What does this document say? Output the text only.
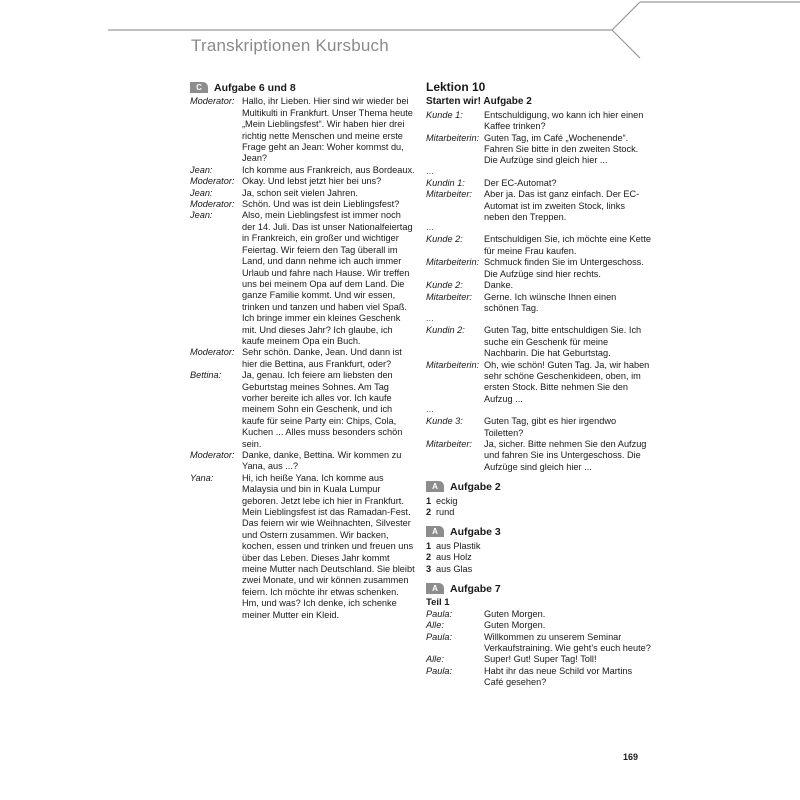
Transkriptionen Kursbuch
C Aufgabe 6 und 8
Moderator: Hallo, ihr Lieben. Hier sind wir wieder bei Multikulti in Frankfurt. Unser Thema heute „Mein Lieblingsfest“. Wir haben hier drei richtig nette Menschen und meine erste Frage geht an Jean: Woher kommst du, Jean?
Jean:	Ich komme aus Frankreich, aus Bordeaux.
Moderator: Okay. Und lebst jetzt hier bei uns?
Jean:	Ja, schon seit vielen Jahren.
Moderator: Schön. Und was ist dein Lieblingsfest?
Jean:	Also, mein Lieblingsfest ist immer noch der 14. Juli. Das ist unser Nationalfeiertag in Frankreich, ein großer und wichtiger Feiertag. Wir feiern den Tag überall im Land, und dann nehme ich auch immer Urlaub und fahre nach Hause. Wir treffen uns bei meinem Opa auf dem Land. Die ganze Familie kommt. Und wir essen, trinken und tanzen und haben viel Spaß. Ich bringe immer ein kleines Geschenk mit. Und dieses Jahr? Ich glaube, ich kaufe meinem Opa ein Buch.
Moderator: Sehr schön. Danke, Jean. Und dann ist hier die Bettina, aus Frankfurt, oder?
Bettina:	Ja, genau. Ich feiere am liebsten den Geburtstag meines Sohnes. Am Tag vorher bereite ich alles vor. Ich kaufe meinem Sohn ein Geschenk, und ich kaufe für seine Party ein: Chips, Cola, Kuchen ... Alles muss besonders schön sein.
Moderator: Danke, danke, Bettina. Wir kommen zu Yana, aus ...?
Yana:	Hi, ich heiße Yana. Ich komme aus Malaysia und bin in Kuala Lumpur geboren. Jetzt lebe ich hier in Frankfurt. Mein Lieblingsfest ist das Ramadan-Fest. Das feiern wir wie Weihnachten, Silvester und Ostern zusammen. Wir backen, kochen, essen und trinken und freuen uns über das Leben. Dieses Jahr kommt meine Mutter nach Deutschland. Sie bleibt zwei Monate, und wir können zusammen feiern. Ich möchte ihr etwas schenken. Hm, und was? Ich denke, ich schenke meiner Mutter ein Kleid.
Lektion 10
Starten wir! Aufgabe 2
Kunde 1:	Entschuldigung, wo kann ich hier einen Kaffee trinken?
Mitarbeiterin: Guten Tag, im Café „Wochenende“. Fahren Sie bitte in den zweiten Stock. Die Aufzüge sind gleich hier ...
...
Kundin 1:	Der EC-Automat?
Mitarbeiter:	Aber ja. Das ist ganz einfach. Der EC-Automat ist im zweiten Stock, links neben den Treppen.
...
Kunde 2:	Entschuldigen Sie, ich möchte eine Kette für meine Frau kaufen.
Mitarbeiterin: Schmuck finden Sie im Untergeschoss. Die Aufzüge sind hier rechts.
Kunde 2:	Danke.
Mitarbeiter:	Gerne. Ich wünsche Ihnen einen schönen Tag.
...
Kundin 2:	Guten Tag, bitte entschuldigen Sie. Ich suche ein Geschenk für meine Nachbarin. Die hat Geburtstag.
Mitarbeiterin: Oh, wie schön! Guten Tag. Ja, wir haben sehr schöne Geschenkideen, oben, im ersten Stock. Bitte nehmen Sie den Aufzug ...
...
Kunde 3:	Guten Tag, gibt es hier irgendwo Toiletten?
Mitarbeiter:	Ja, sicher. Bitte nehmen Sie den Aufzug und fahren Sie ins Untergeschoss. Die Aufzüge sind gleich hier ...
A Aufgabe 2
1 eckig
2 rund
A Aufgabe 3
1 aus Plastik
2 aus Holz
3 aus Glas
A Aufgabe 7
Teil 1
Paula:	Guten Morgen.
Alle:	Guten Morgen.
Paula:	Willkommen zu unserem Seminar Verkaufstraining. Wie geht’s euch heute?
Alle:	Super! Gut! Super Tag! Toll!
Paula:	Habt ihr das neue Schild vor Martins Café gesehen?
169
